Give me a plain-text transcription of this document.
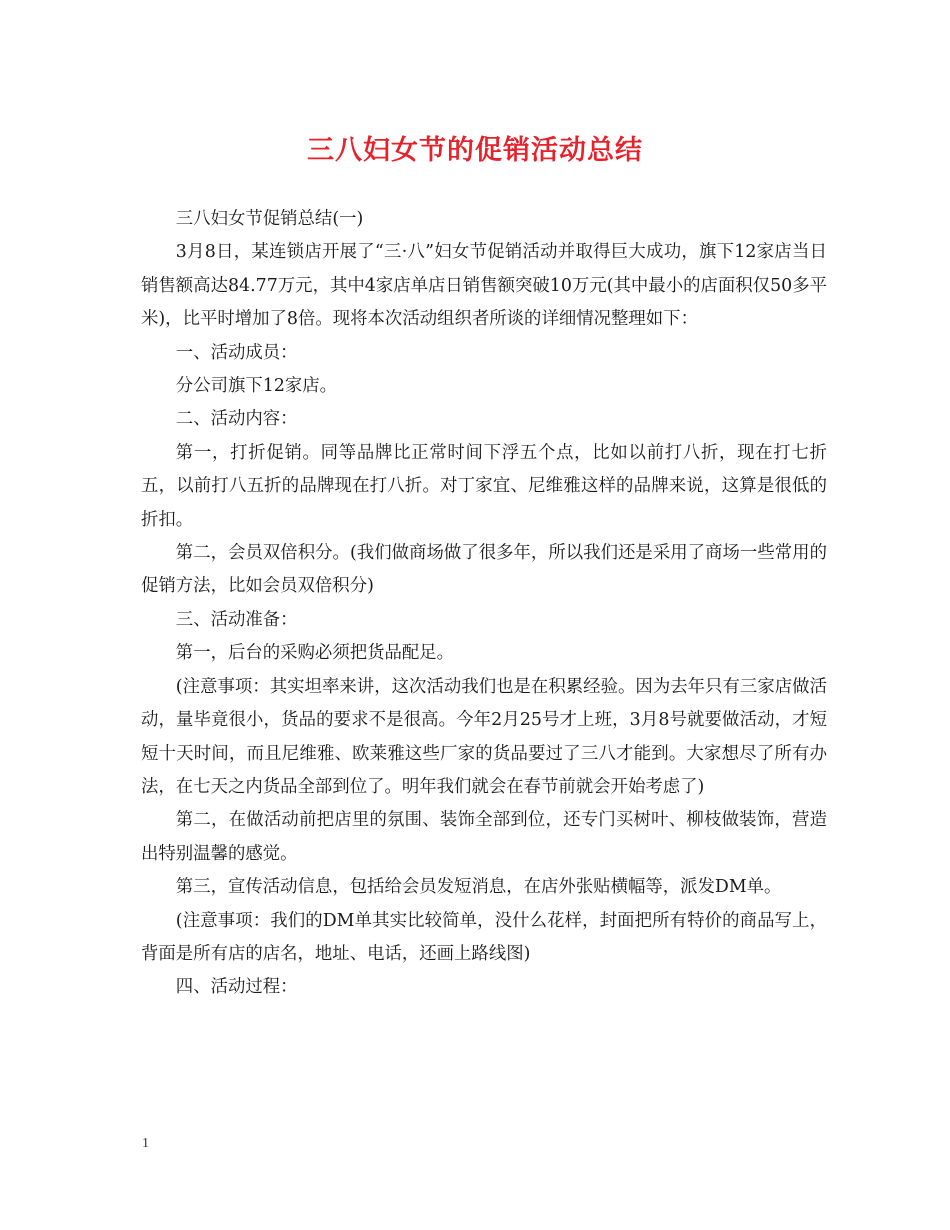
三八妇女节的促销活动总结

三八妇女节促销总结(一)

3月8日，某连锁店开展了“三·八”妇女节促销活动并取得巨大成功，旗下12家店当日销售额高达84.77万元，其中4家店单店日销售额突破10万元(其中最小的店面积仅50多平米)，比平时增加了8倍。现将本次活动组织者所谈的详细情况整理如下：

一、活动成员：

分公司旗下12家店。

二、活动内容：

第一，打折促销。同等品牌比正常时间下浮五个点，比如以前打八折，现在打七折五，以前打八五折的品牌现在打八折。对丁家宜、尼维雅这样的品牌来说，这算是很低的折扣。

第二，会员双倍积分。(我们做商场做了很多年，所以我们还是采用了商场一些常用的促销方法，比如会员双倍积分)

三、活动准备：

第一，后台的采购必须把货品配足。

(注意事项：其实坦率来讲，这次活动我们也是在积累经验。因为去年只有三家店做活动，量毕竟很小，货品的要求不是很高。今年2月25号才上班，3月8号就要做活动，才短短十天时间，而且尼维雅、欧莱雅这些厂家的货品要过了三八才能到。大家想尽了所有办法，在七天之内货品全部到位了。明年我们就会在春节前就会开始考虑了)

第二，在做活动前把店里的氛围、装饰全部到位，还专门买树叶、柳枝做装饰，营造出特别温馨的感觉。

第三，宣传活动信息，包括给会员发短消息，在店外张贴横幅等，派发DM单。

(注意事项：我们的DM单其实比较简单，没什么花样，封面把所有特价的商品写上，背面是所有店的店名，地址、电话，还画上路线图)

四、活动过程：

1
